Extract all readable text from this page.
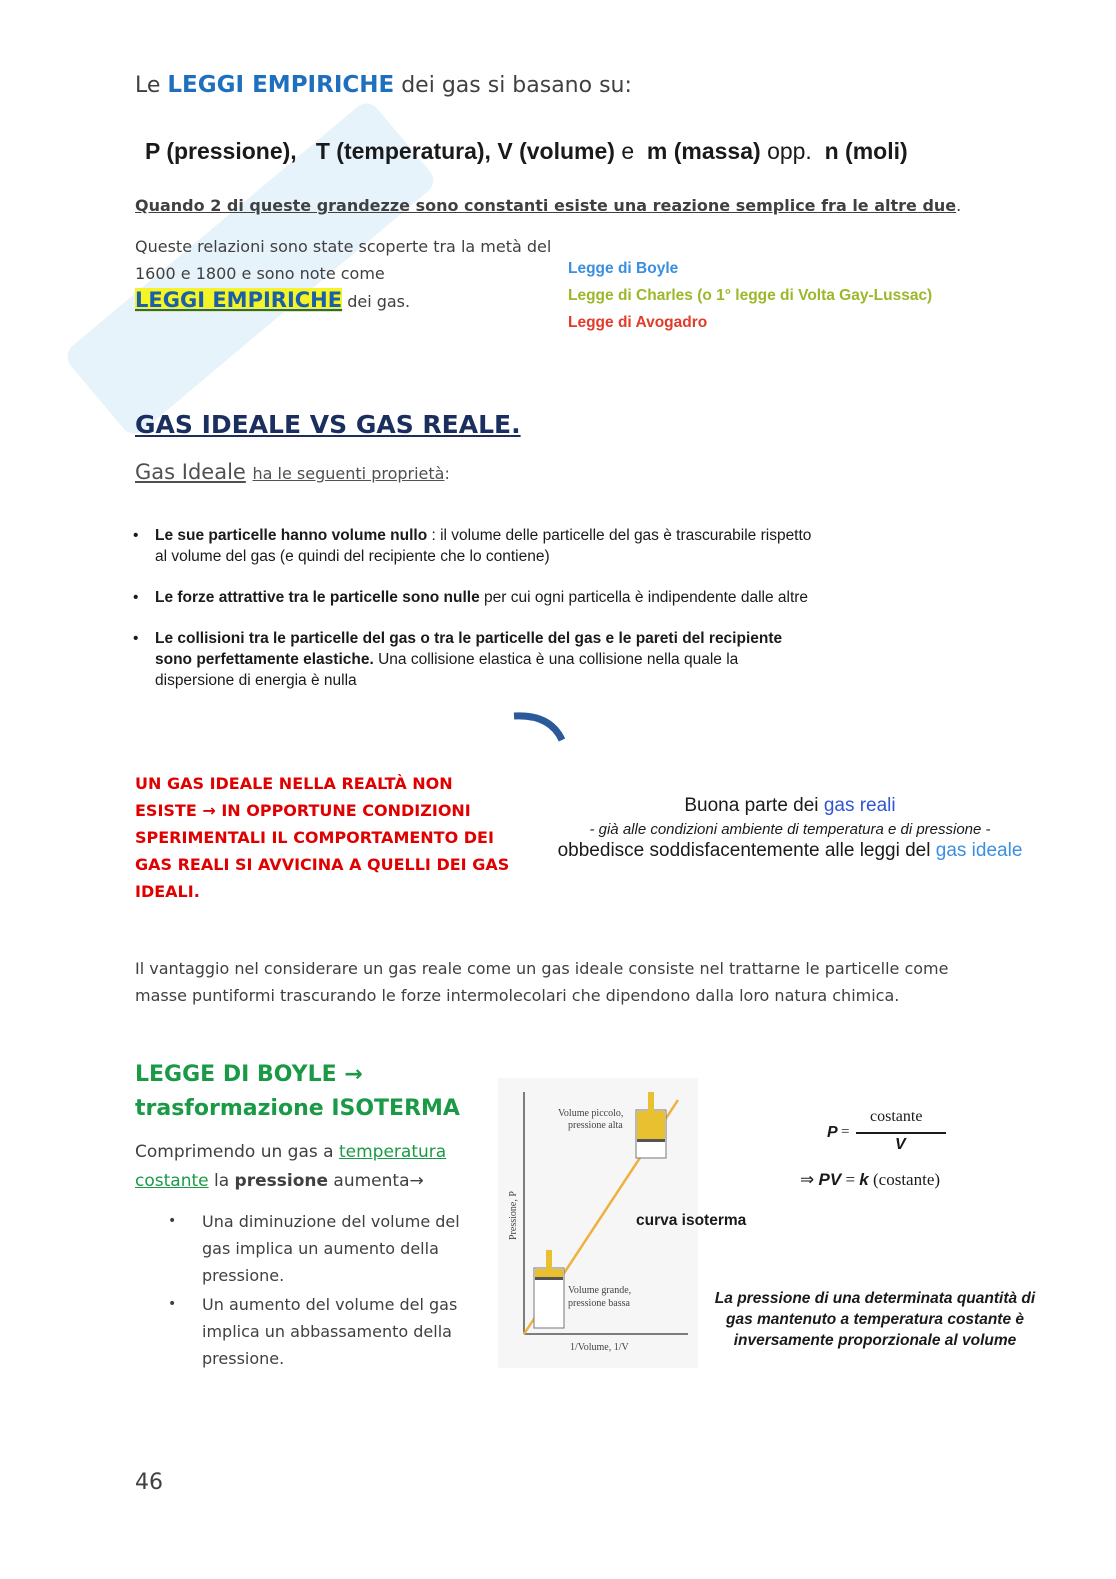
Le LEGGI EMPIRICHE dei gas si basano su:
P (pressione), T (temperatura), V (volume) e m (massa) opp. n (moli)
Quando 2 di queste grandezze sono constanti esiste una reazione semplice fra le altre due.
Queste relazioni sono state scoperte tra la metà del 1600 e 1800 e sono note come
LEGGI EMPIRICHE dei gas.
Legge di Boyle
Legge di Charles (o 1° legge di Volta Gay-Lussac)
Legge di Avogadro
GAS IDEALE VS GAS REALE.
Gas Ideale ha le seguenti proprietà:
• Le sue particelle hanno volume nullo : il volume delle particelle del gas è trascurabile rispetto al volume del gas (e quindi del recipiente che lo contiene)
• Le forze attrattive tra le particelle sono nulle per cui ogni particella è indipendente dalle altre
• Le collisioni tra le particelle del gas o tra le particelle del gas e le pareti del recipiente sono perfettamente elastiche. Una collisione elastica è una collisione nella quale la dispersione di energia è nulla
UN GAS IDEALE NELLA REALTÀ NON ESISTE → IN OPPORTUNE CONDIZIONI SPERIMENTALI IL COMPORTAMENTO DEI GAS REALI SI AVVICINA A QUELLI DEI GAS IDEALI.
Buona parte dei gas reali
- già alle condizioni ambiente di temperatura e di pressione -
obbedisce soddisfacentemente alle leggi del gas ideale
Il vantaggio nel considerare un gas reale come un gas ideale consiste nel trattarne le particelle come masse puntiformi trascurando le forze intermolecolari che dipendono dalla loro natura chimica.
LEGGE DI BOYLE →
trasformazione ISOTERMA
Comprimendo un gas a temperatura costante la pressione aumenta→
• Una diminuzione del volume del gas implica un aumento della pressione.
• Un aumento del volume del gas implica un abbassamento della pressione.
Volume piccolo,
pressione alta
Volume grande,
pressione bassa
1/Volume, 1/V
Pressione, P	curva isoterma
P =
costante
V
⇒ PV = k (costante)
La pressione di una determinata quantità di gas mantenuto a temperatura costante è inversamente proporzionale al volume
46
